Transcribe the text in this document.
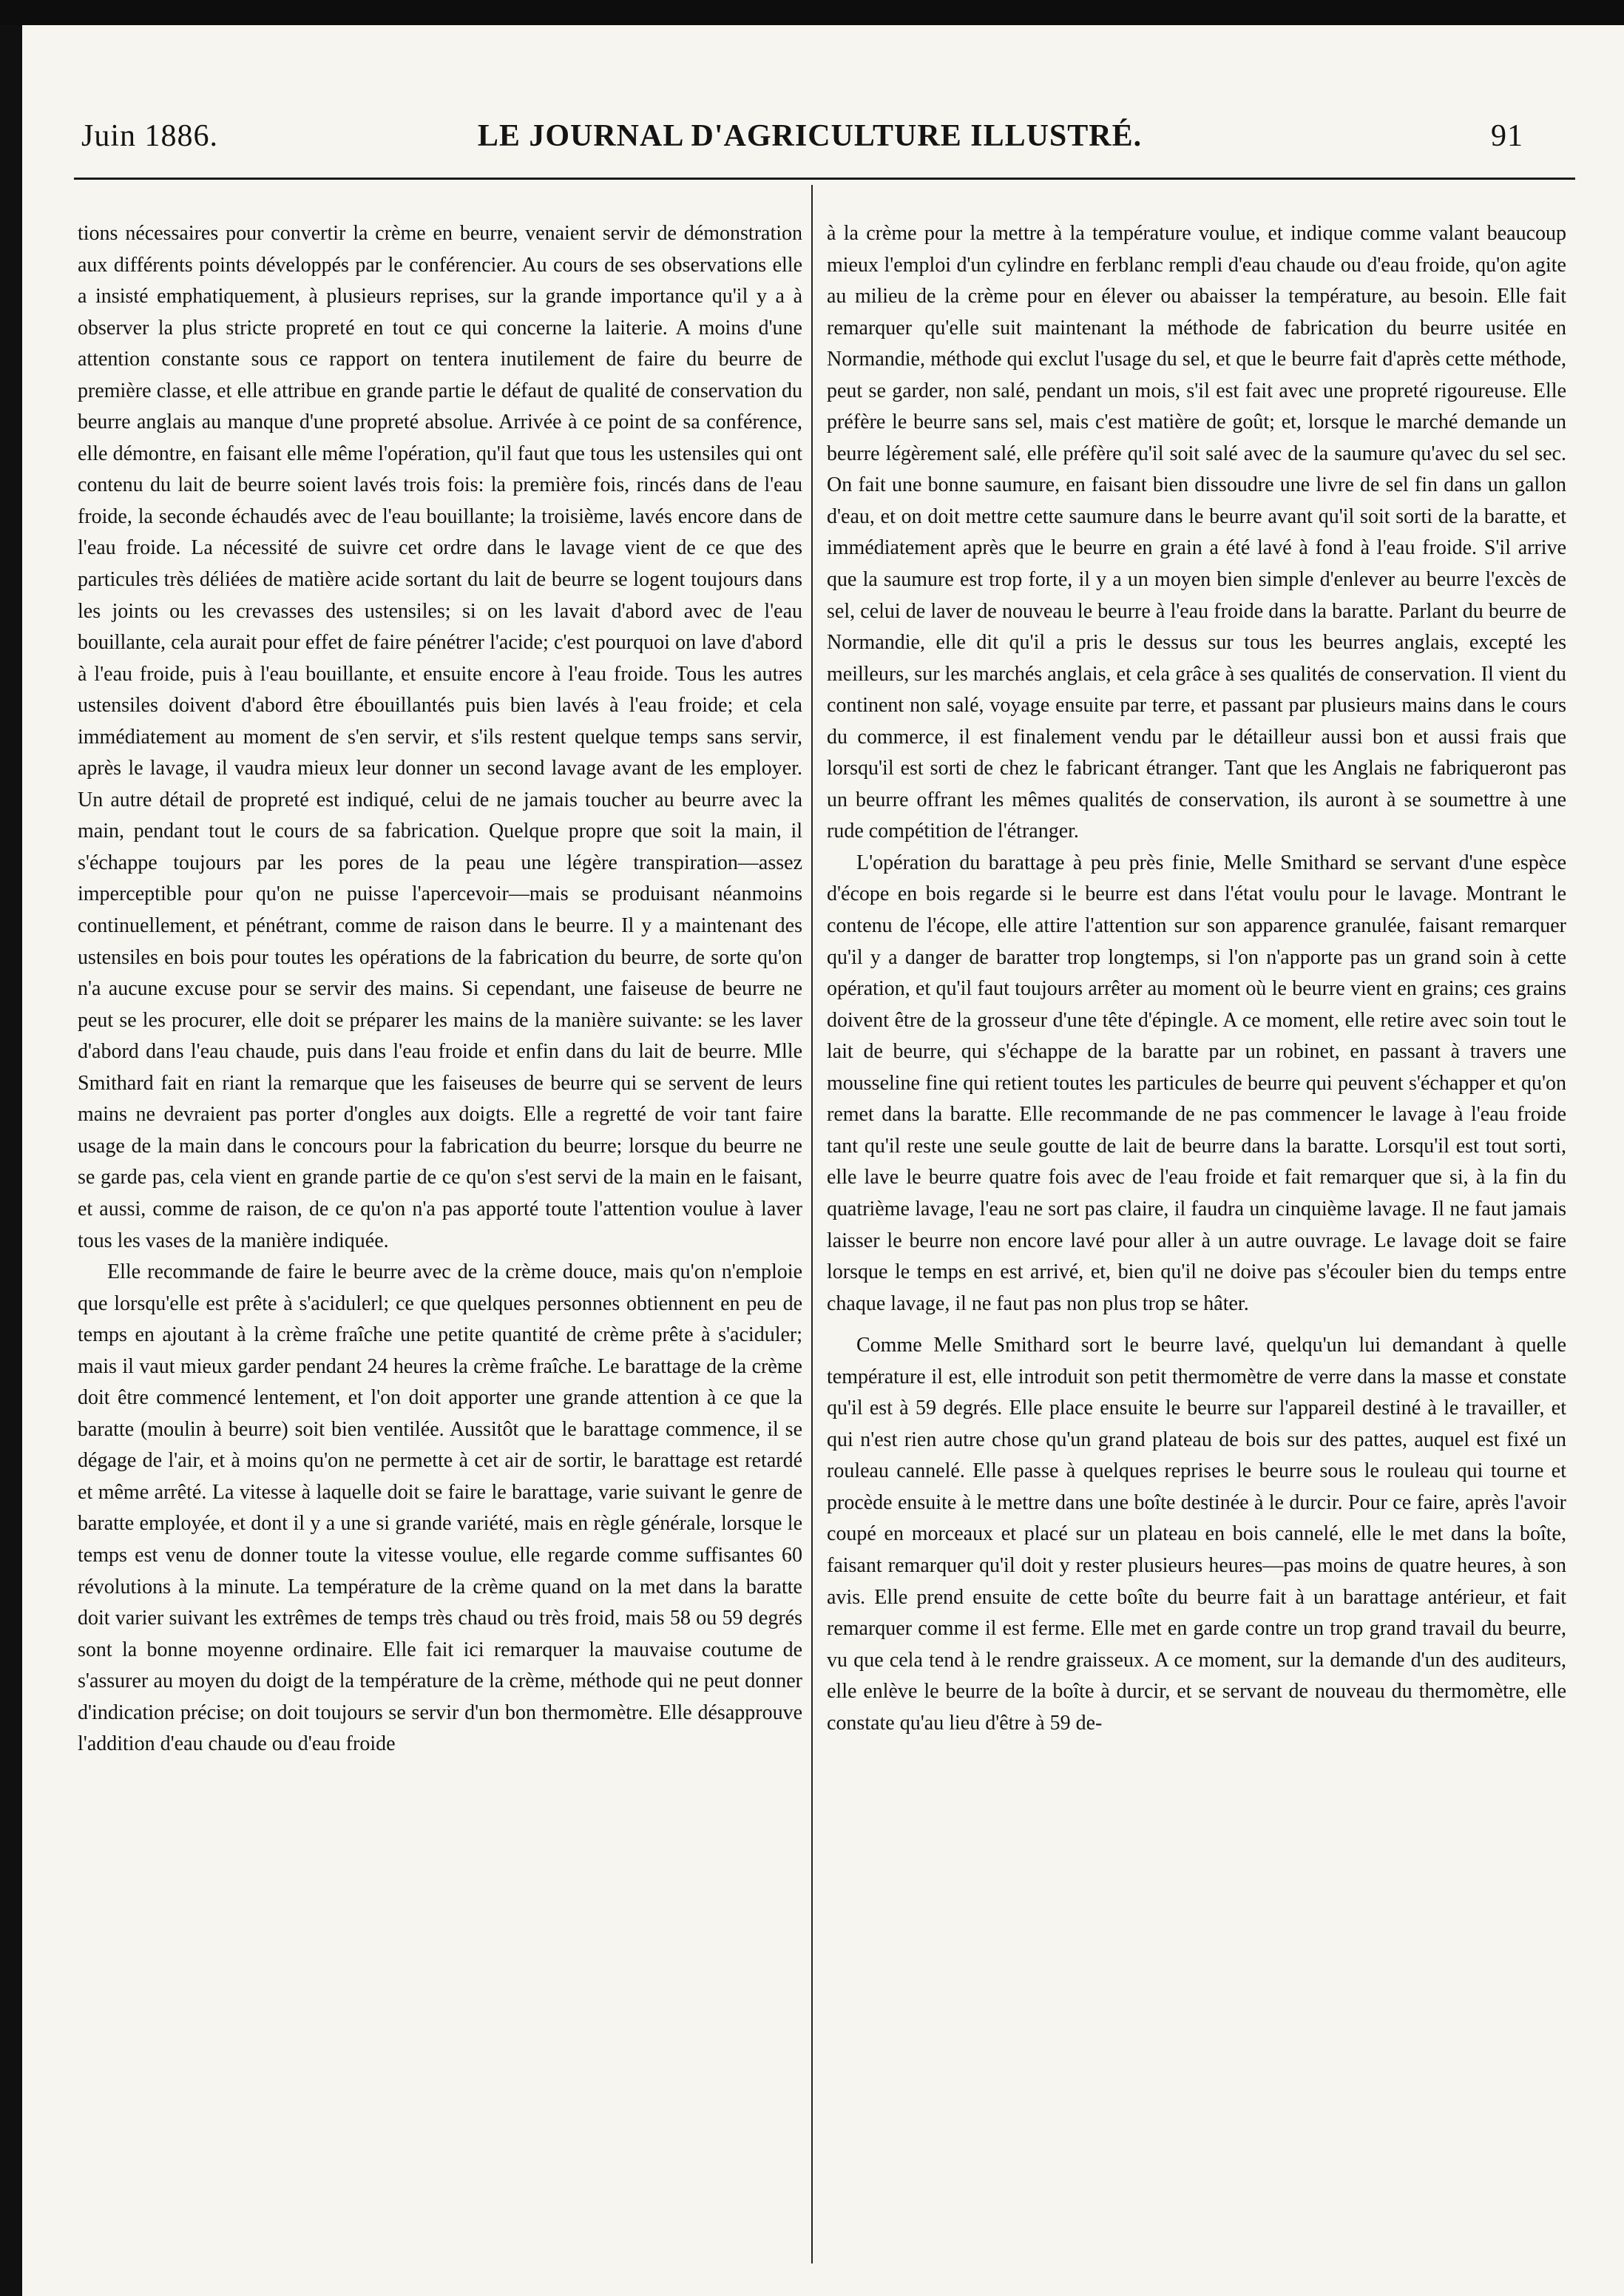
LE JOURNAL D'AGRICULTURE ILLUSTRÉ.
Juin 1886.	91

tions nécessaires pour convertir la crème en beurre, venaient servir de démonstration aux différents points développés par le conférencier. Au cours de ses observations elle a insisté emphatiquement, à plusieurs reprises, sur la grande importance qu'il y a à observer la plus stricte propreté en tout ce qui concerne la laiterie. A moins d'une attention constante sous ce rapport on tentera inutilement de faire du beurre de première classe, et elle attribue en grande partie le défaut de qualité de conservation du beurre anglais au manque d'une propreté absolue. Arrivée à ce point de sa conférence, elle démontre, en faisant elle même l'opération, qu'il faut que tous les ustensiles qui ont contenu du lait de beurre soient lavés trois fois: la première fois, rincés dans de l'eau froide, la seconde échaudés avec de l'eau bouillante; la troisième, lavés encore dans de l'eau froide. La nécessité de suivre cet ordre dans le lavage vient de ce que des particules très déliées de matière acide sortant du lait de beurre se logent toujours dans les joints ou les crevasses des ustensiles; si on les lavait d'abord avec de l'eau bouillante, cela aurait pour effet de faire pénétrer l'acide; c'est pourquoi on lave d'abord à l'eau froide, puis à l'eau bouillante, et ensuite encore à l'eau froide. Tous les autres ustensiles doivent d'abord être ébouillantés puis bien lavés à l'eau froide; et cela immédiatement au moment de s'en servir, et s'ils restent quelque temps sans servir, après le lavage, il vaudra mieux leur donner un second lavage avant de les employer. Un autre détail de propreté est indiqué, celui de ne jamais toucher au beurre avec la main, pendant tout le cours de sa fabrication. Quelque propre que soit la main, il s'échappe toujours par les pores de la peau une légère transpiration—assez imperceptible pour qu'on ne puisse l'apercevoir—mais se produisant néanmoins continuellement, et pénétrant, comme de raison dans le beurre. Il y a maintenant des ustensiles en bois pour toutes les opérations de la fabrication du beurre, de sorte qu'on n'a aucune excuse pour se servir des mains. Si cependant, une faiseuse de beurre ne peut se les procurer, elle doit se préparer les mains de la manière suivante: se les laver d'abord dans l'eau chaude, puis dans l'eau froide et enfin dans du lait de beurre. Mlle Smithard fait en riant la remarque que les faiseuses de beurre qui se servent de leurs mains ne devraient pas porter d'ongles aux doigts. Elle a regretté de voir tant faire usage de la main dans le concours pour la fabrication du beurre; lorsque du beurre ne se garde pas, cela vient en grande partie de ce qu'on s'est servi de la main en le faisant, et aussi, comme de raison, de ce qu'on n'a pas apporté toute l'attention voulue à laver tous les vases de la manière indiquée.

Elle recommande de faire le beurre avec de la crème douce, mais qu'on n'emploie que lorsqu'elle est prête à s'acidulerl; ce que quelques personnes obtiennent en peu de temps en ajoutant à la crème fraîche une petite quantité de crème prête à s'aciduler; mais il vaut mieux garder pendant 24 heures la crème fraîche. Le barattage de la crème doit être commencé lentement, et l'on doit apporter une grande attention à ce que la baratte (moulin à beurre) soit bien ventilée. Aussitôt que le barattage commence, il se dégage de l'air, et à moins qu'on ne permette à cet air de sortir, le barattage est retardé et même arrêté. La vitesse à laquelle doit se faire le barattage, varie suivant le genre de baratte employée, et dont il y a une si grande variété, mais en règle générale, lorsque le temps est venu de donner toute la vitesse voulue, elle regarde comme suffisantes 60 révolutions à la minute. La température de la crème quand on la met dans la baratte doit varier suivant les extrêmes de temps très chaud ou très froid, mais 58 ou 59 degrés sont la bonne moyenne ordinaire. Elle fait ici remarquer la mauvaise coutume de s'assurer au moyen du doigt de la température de la crème, méthode qui ne peut donner d'indication précise; on doit toujours se servir d'un bon thermomètre. Elle désapprouve l'addition d'eau chaude ou d'eau froide

à la crème pour la mettre à la température voulue, et indique comme valant beaucoup mieux l'emploi d'un cylindre en ferblanc rempli d'eau chaude ou d'eau froide, qu'on agite au milieu de la crème pour en élever ou abaisser la température, au besoin. Elle fait remarquer qu'elle suit maintenant la méthode de fabrication du beurre usitée en Normandie, méthode qui exclut l'usage du sel, et que le beurre fait d'après cette méthode, peut se garder, non salé, pendant un mois, s'il est fait avec une propreté rigoureuse. Elle préfère le beurre sans sel, mais c'est matière de goût; et, lorsque le marché demande un beurre légèrement salé, elle préfère qu'il soit salé avec de la saumure qu'avec du sel sec. On fait une bonne saumure, en faisant bien dissoudre une livre de sel fin dans un gallon d'eau, et on doit mettre cette saumure dans le beurre avant qu'il soit sorti de la baratte, et immédiatement après que le beurre en grain a été lavé à fond à l'eau froide. S'il arrive que la saumure est trop forte, il y a un moyen bien simple d'enlever au beurre l'excès de sel, celui de laver de nouveau le beurre à l'eau froide dans la baratte. Parlant du beurre de Normandie, elle dit qu'il a pris le dessus sur tous les beurres anglais, excepté les meilleurs, sur les marchés anglais, et cela grâce à ses qualités de conservation. Il vient du continent non salé, voyage ensuite par terre, et passant par plusieurs mains dans le cours du commerce, il est finalement vendu par le détailleur aussi bon et aussi frais que lorsqu'il est sorti de chez le fabricant étranger. Tant que les Anglais ne fabriqueront pas un beurre offrant les mêmes qualités de conservation, ils auront à se soumettre à une rude compétition de l'étranger.

L'opération du barattage à peu près finie, Melle Smithard se servant d'une espèce d'écope en bois regarde si le beurre est dans l'état voulu pour le lavage. Montrant le contenu de l'écope, elle attire l'attention sur son apparence granulée, faisant remarquer qu'il y a danger de baratter trop longtemps, si l'on n'apporte pas un grand soin à cette opération, et qu'il faut toujours arrêter au moment où le beurre vient en grains; ces grains doivent être de la grosseur d'une tête d'épingle. A ce moment, elle retire avec soin tout le lait de beurre, qui s'échappe de la baratte par un robinet, en passant à travers une mousseline fine qui retient toutes les particules de beurre qui peuvent s'échapper et qu'on remet dans la baratte. Elle recommande de ne pas commencer le lavage à l'eau froide tant qu'il reste une seule goutte de lait de beurre dans la baratte. Lorsqu'il est tout sorti, elle lave le beurre quatre fois avec de l'eau froide et fait remarquer que si, à la fin du quatrième lavage, l'eau ne sort pas claire, il faudra un cinquième lavage. Il ne faut jamais laisser le beurre non encore lavé pour aller à un autre ouvrage. Le lavage doit se faire lorsque le temps en est arrivé, et, bien qu'il ne doive pas s'écouler bien du temps entre chaque lavage, il ne faut pas non plus trop se hâter.

Comme Melle Smithard sort le beurre lavé, quelqu'un lui demandant à quelle température il est, elle introduit son petit thermomètre de verre dans la masse et constate qu'il est à 59 degrés. Elle place ensuite le beurre sur l'appareil destiné à le travailler, et qui n'est rien autre chose qu'un grand plateau de bois sur des pattes, auquel est fixé un rouleau cannelé. Elle passe à quelques reprises le beurre sous le rouleau qui tourne et procède ensuite à le mettre dans une boîte destinée à le durcir. Pour ce faire, après l'avoir coupé en morceaux et placé sur un plateau en bois cannelé, elle le met dans la boîte, faisant remarquer qu'il doit y rester plusieurs heures—pas moins de quatre heures, à son avis. Elle prend ensuite de cette boîte du beurre fait à un barattage antérieur, et fait remarquer comme il est ferme. Elle met en garde contre un trop grand travail du beurre, vu que cela tend à le rendre graisseux. A ce moment, sur la demande d'un des auditeurs, elle enlève le beurre de la boîte à durcir, et se servant de nouveau du thermomètre, elle constate qu'au lieu d'être à 59 de-
